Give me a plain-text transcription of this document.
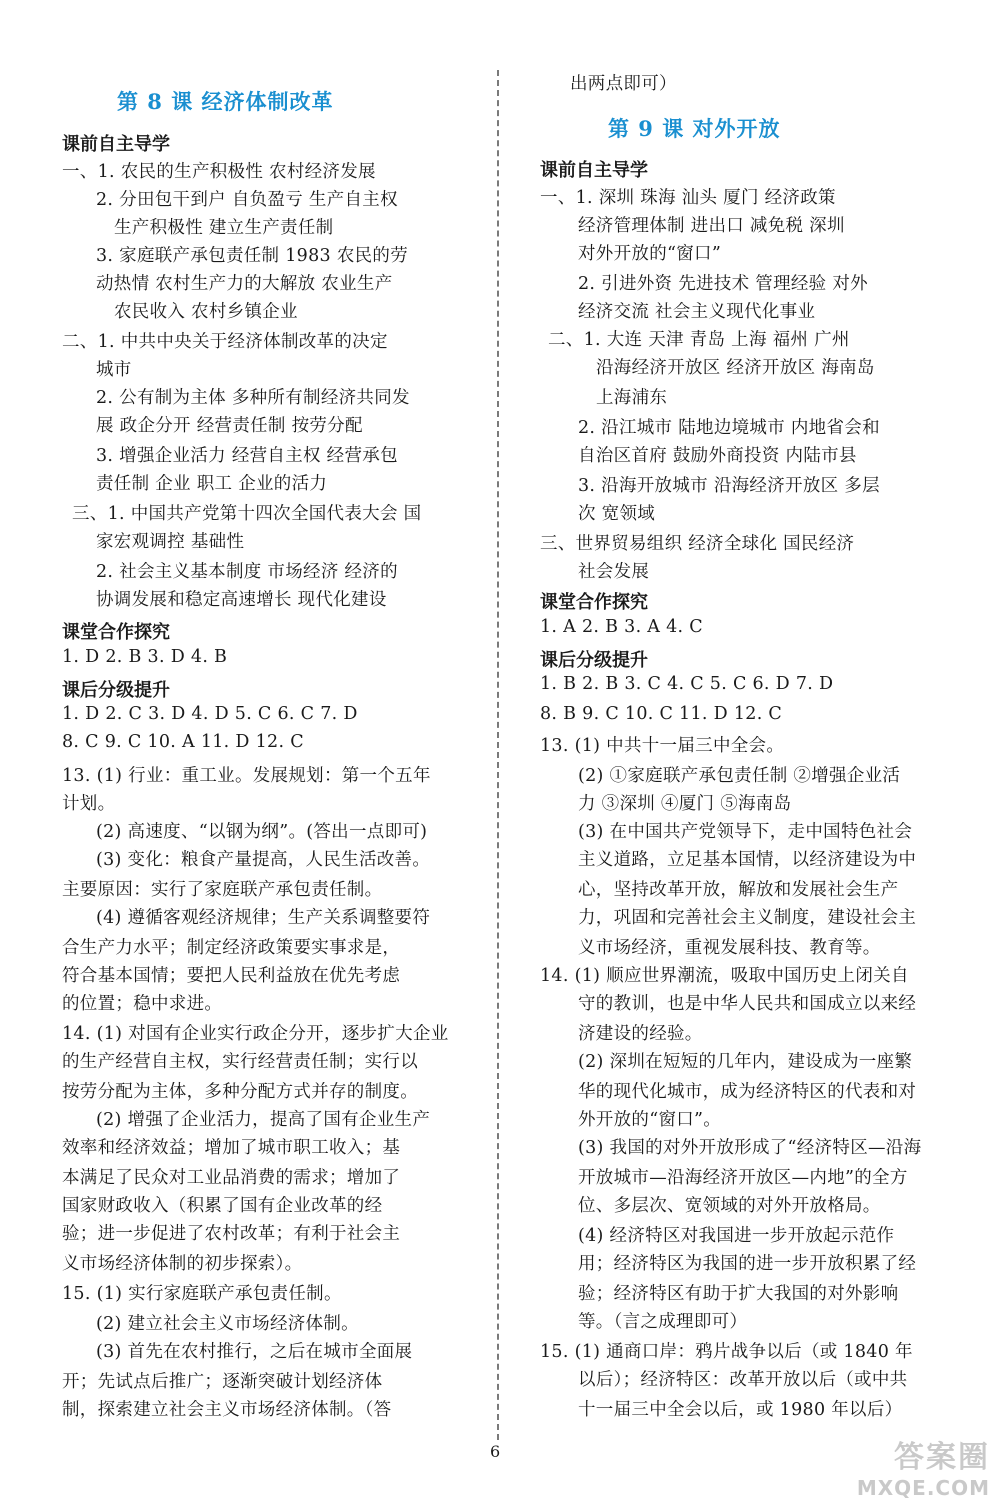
第 8 课 经济体制改革
课前自主导学
一、1. 农民的生产积极性 农村经济发展
2. 分田包干到户 自负盈亏 生产自主权
生产积极性 建立生产责任制
3. 家庭联产承包责任制 1983 农民的劳
动热情 农村生产力的大解放 农业生产
农民收入 农村乡镇企业
二、1. 中共中央关于经济体制改革的决定
城市
2. 公有制为主体 多种所有制经济共同发
展 政企分开 经营责任制 按劳分配
3. 增强企业活力 经营自主权 经营承包
责任制 企业 职工 企业的活力
三、1. 中国共产党第十四次全国代表大会 国
家宏观调控 基础性
2. 社会主义基本制度 市场经济 经济的
协调发展和稳定高速增长 现代化建设
课堂合作探究
1. D 2. B 3. D 4. B
课后分级提升
1. D 2. C 3. D 4. D 5. C 6. C 7. D
8. C 9. C 10. A 11. D 12. C
13. (1) 行业：重工业。发展规划：第一个五年
计划。
(2) 高速度、“以钢为纲”。(答出一点即可)
(3) 变化：粮食产量提高，人民生活改善。
主要原因：实行了家庭联产承包责任制。
(4) 遵循客观经济规律；生产关系调整要符
合生产力水平；制定经济政策要实事求是，
符合基本国情；要把人民利益放在优先考虑
的位置；稳中求进。
14. (1) 对国有企业实行政企分开，逐步扩大企业
的生产经营自主权，实行经营责任制；实行以
按劳分配为主体，多种分配方式并存的制度。
(2) 增强了企业活力，提高了国有企业生产
效率和经济效益；增加了城市职工收入；基
本满足了民众对工业品消费的需求；增加了
国家财政收入（积累了国有企业改革的经
验；进一步促进了农村改革；有利于社会主
义市场经济体制的初步探索）。
15. (1) 实行家庭联产承包责任制。
(2) 建立社会主义市场经济体制。
(3) 首先在农村推行，之后在城市全面展
开；先试点后推广；逐渐突破计划经济体
制，探索建立社会主义市场经济体制。（答
出两点即可）
第 9 课 对外开放
课前自主导学
一、1. 深圳 珠海 汕头 厦门 经济政策
经济管理体制 进出口 减免税 深圳
对外开放的“窗口”
2. 引进外资 先进技术 管理经验 对外
经济交流 社会主义现代化事业
二、1. 大连 天津 青岛 上海 福州 广州
沿海经济开放区 经济开放区 海南岛
上海浦东
2. 沿江城市 陆地边境城市 内地省会和
自治区首府 鼓励外商投资 内陆市县
3. 沿海开放城市 沿海经济开放区 多层
次 宽领域
三、世界贸易组织 经济全球化 国民经济
社会发展
课堂合作探究
1. A 2. B 3. A 4. C
课后分级提升
1. B 2. B 3. C 4. C 5. C 6. D 7. D
8. B 9. C 10. C 11. D 12. C
13. (1) 中共十一届三中全会。
(2) ①家庭联产承包责任制 ②增强企业活
力 ③深圳 ④厦门 ⑤海南岛
(3) 在中国共产党领导下，走中国特色社会
主义道路，立足基本国情，以经济建设为中
心，坚持改革开放，解放和发展社会生产
力，巩固和完善社会主义制度，建设社会主
义市场经济，重视发展科技、教育等。
14. (1) 顺应世界潮流，吸取中国历史上闭关自
守的教训，也是中华人民共和国成立以来经
济建设的经验。
(2) 深圳在短短的几年内，建设成为一座繁
华的现代化城市，成为经济特区的代表和对
外开放的“窗口”。
(3) 我国的对外开放形成了“经济特区—沿海
开放城市—沿海经济开放区—内地”的全方
位、多层次、宽领域的对外开放格局。
(4) 经济特区对我国进一步开放起示范作
用；经济特区为我国的进一步开放积累了经
验；经济特区有助于扩大我国的对外影响
等。（言之成理即可）
15. (1) 通商口岸：鸦片战争以后（或 1840 年
以后）；经济特区：改革开放以后（或中共
十一届三中全会以后，或 1980 年以后）
6	答案圈
MXQE.COM
